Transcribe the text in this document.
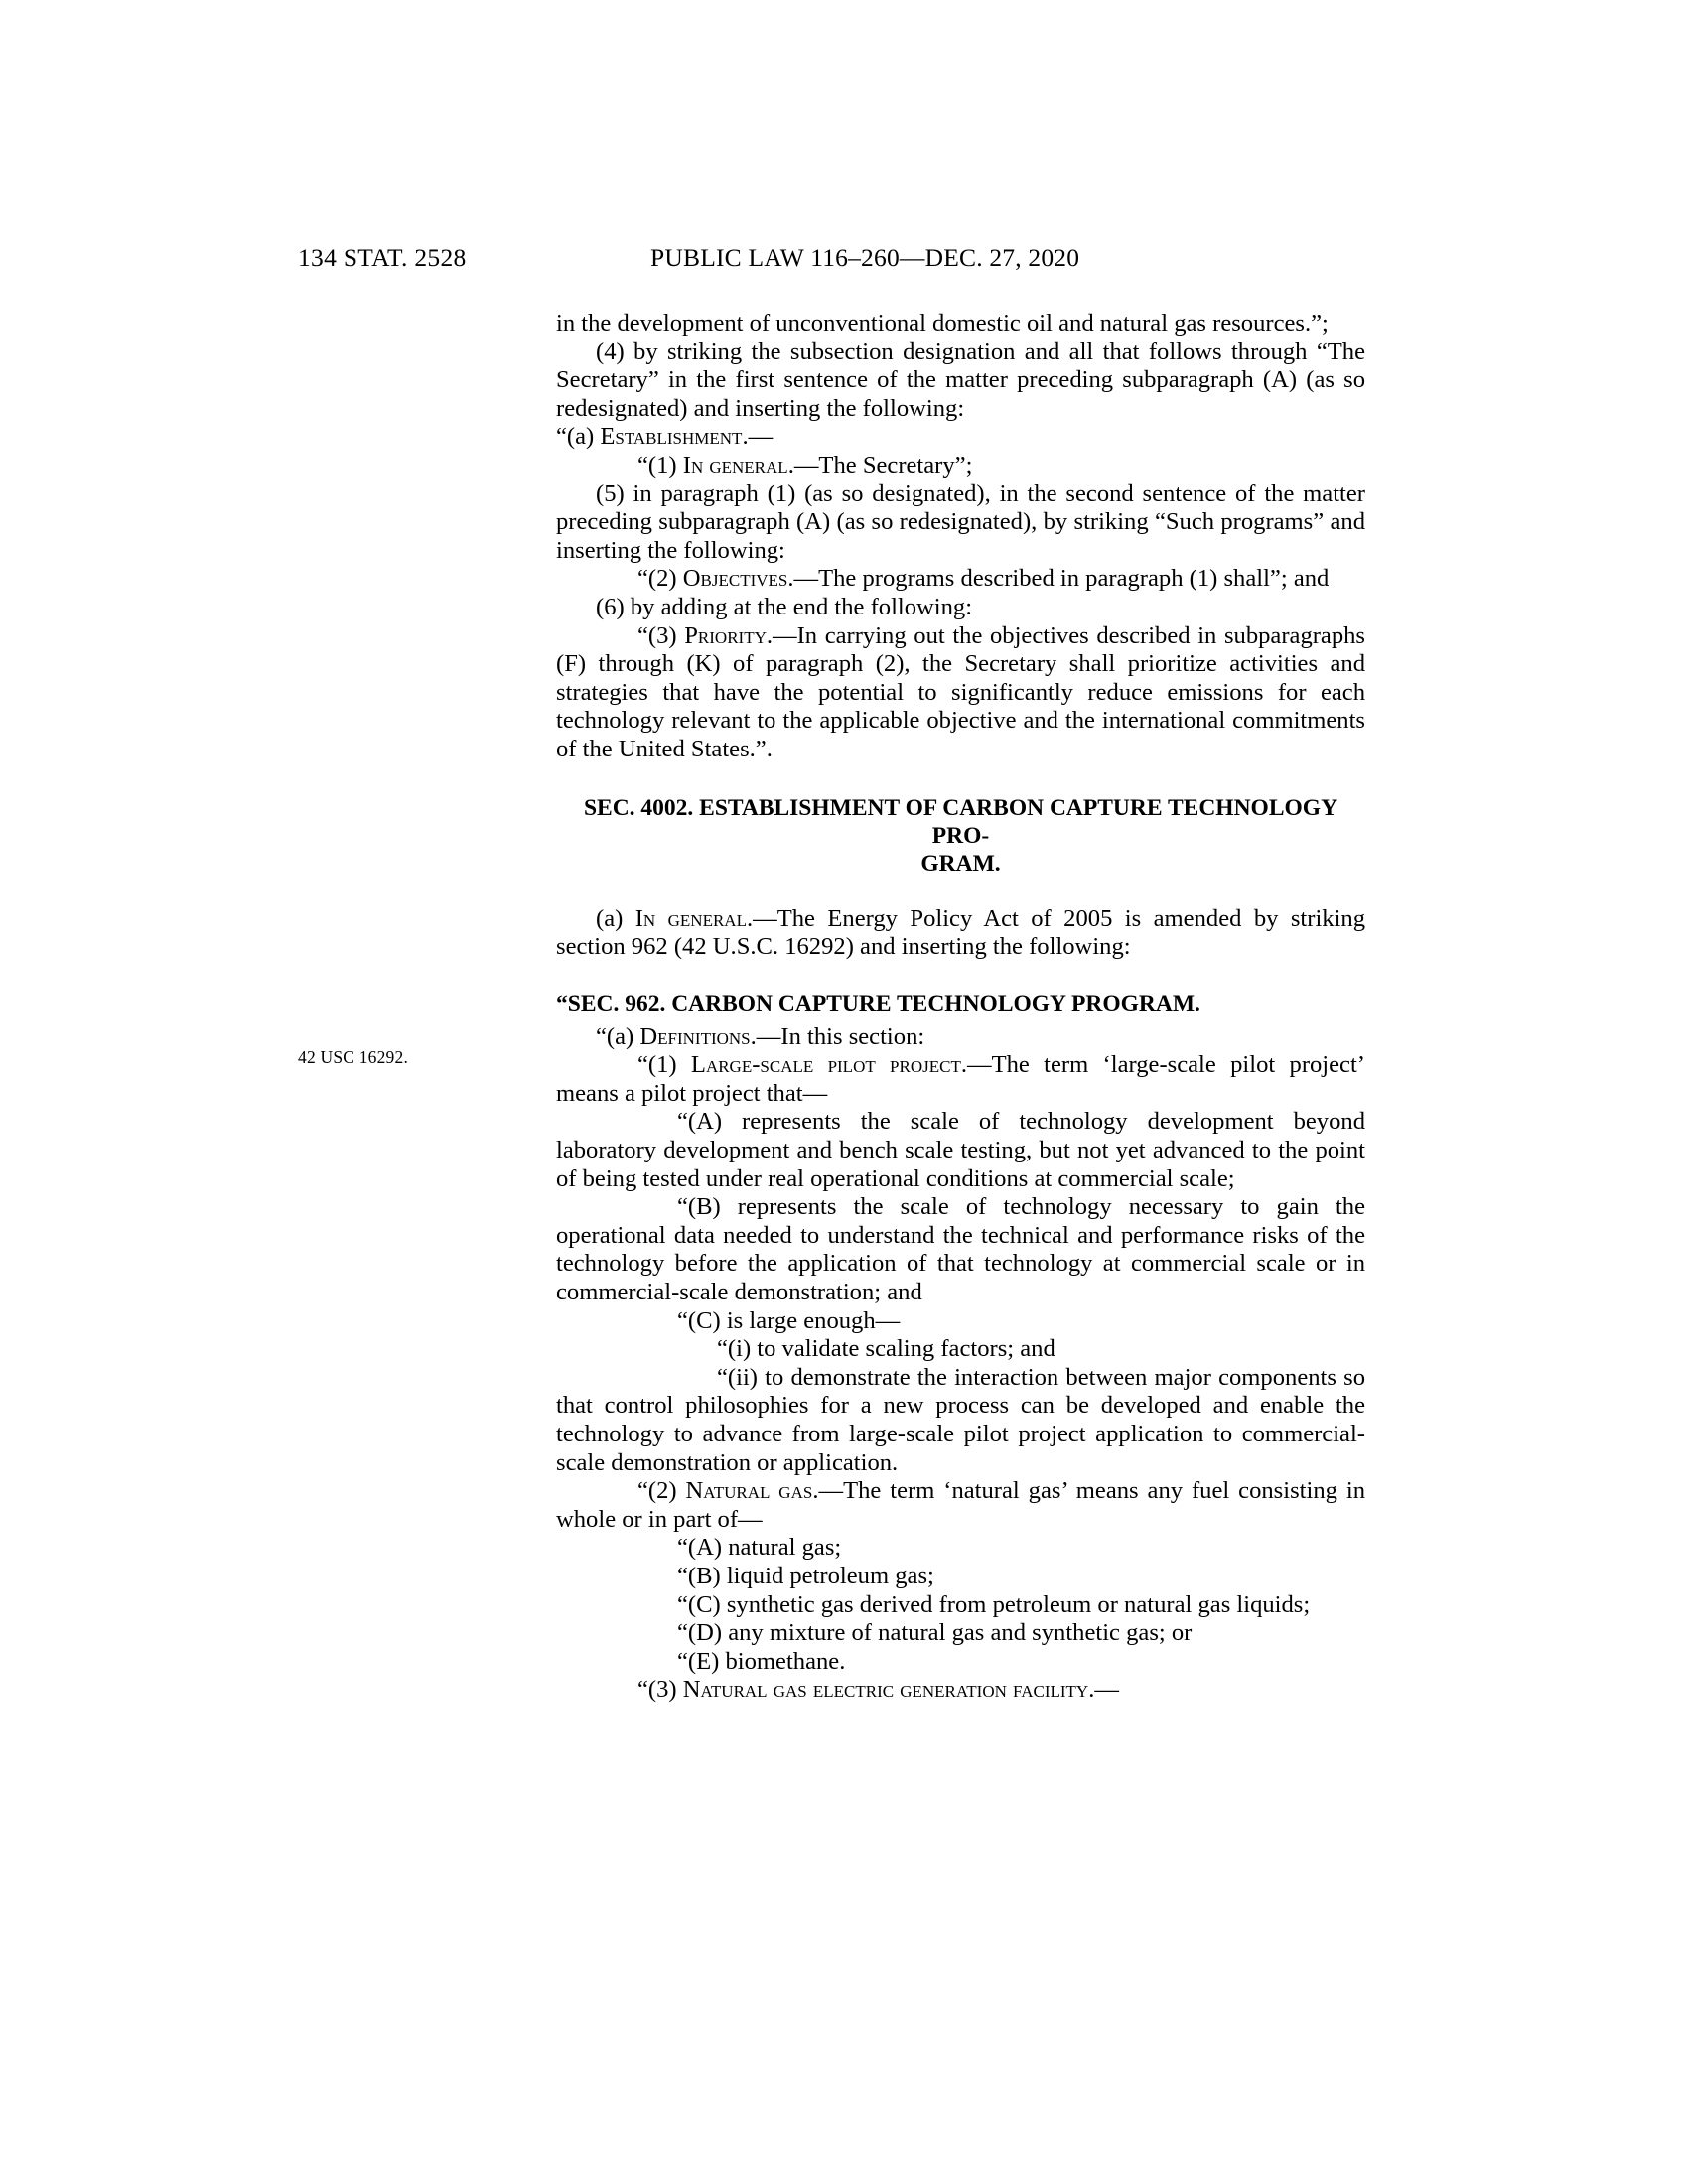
134 STAT. 2528	PUBLIC LAW 116–260—DEC. 27, 2020
42 USC 16292.

in the development of unconventional domestic oil and natural gas resources.”;

(4) by striking the subsection designation and all that follows through “The Secretary” in the first sentence of the matter preceding subparagraph (A) (as so redesignated) and inserting the following:

“(a) Establishment.—

“(1) In general.—The Secretary”;

(5) in paragraph (1) (as so designated), in the second sentence of the matter preceding subparagraph (A) (as so redesignated), by striking “Such programs” and inserting the following:

“(2) Objectives.—The programs described in paragraph (1) shall”; and

(6) by adding at the end the following:

“(3) Priority.—In carrying out the objectives described in subparagraphs (F) through (K) of paragraph (2), the Secretary shall prioritize activities and strategies that have the potential to significantly reduce emissions for each technology relevant to the applicable objective and the international commitments of the United States.”.

SEC. 4002. ESTABLISHMENT OF CARBON CAPTURE TECHNOLOGY PRO-
GRAM.

(a) In general.—The Energy Policy Act of 2005 is amended by striking section 962 (42 U.S.C. 16292) and inserting the following:

“SEC. 962. CARBON CAPTURE TECHNOLOGY PROGRAM.

“(a) Definitions.—In this section:

“(1) Large-scale pilot project.—The term ‘large-scale pilot project’ means a pilot project that—

“(A) represents the scale of technology development beyond laboratory development and bench scale testing, but not yet advanced to the point of being tested under real operational conditions at commercial scale;

“(B) represents the scale of technology necessary to gain the operational data needed to understand the technical and performance risks of the technology before the application of that technology at commercial scale or in commercial-scale demonstration; and

“(C) is large enough—

“(i) to validate scaling factors; and

“(ii) to demonstrate the interaction between major components so that control philosophies for a new process can be developed and enable the technology to advance from large-scale pilot project application to commercial-scale demonstration or application.

“(2) Natural gas.—The term ‘natural gas’ means any fuel consisting in whole or in part of—

“(A) natural gas;

“(B) liquid petroleum gas;

“(C) synthetic gas derived from petroleum or natural gas liquids;

“(D) any mixture of natural gas and synthetic gas; or

“(E) biomethane.

“(3) Natural gas electric generation facility.—
